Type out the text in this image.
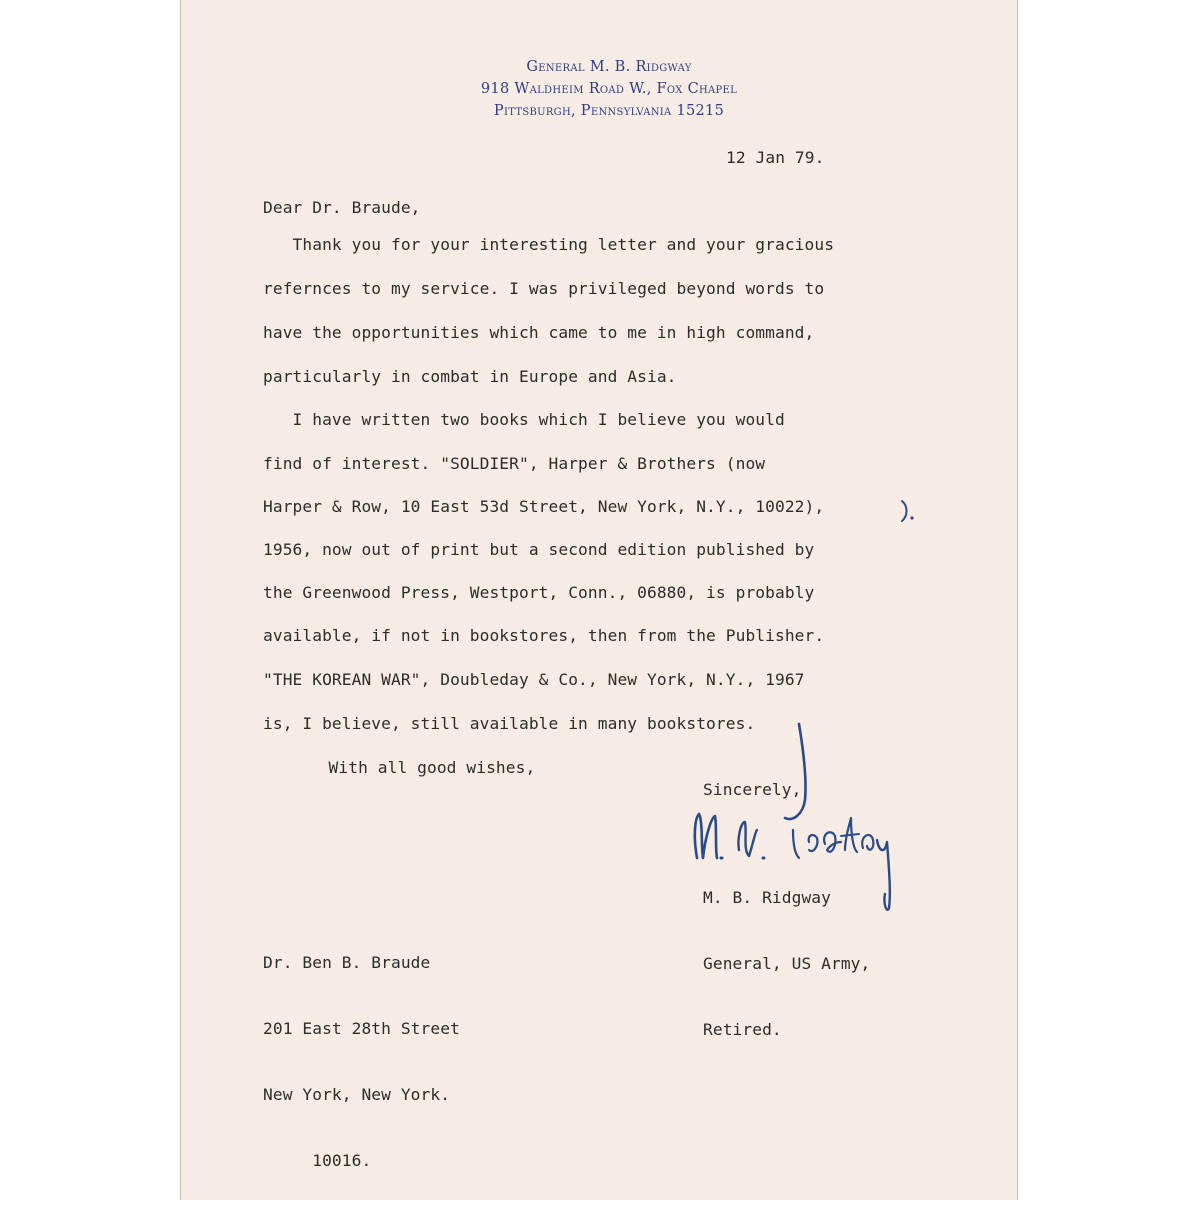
General M. B. Ridgway
918 Waldheim Road W., Fox Chapel
Pittsburgh, Pennsylvania 15215
12 Jan 79.
Dear Dr. Braude,
Thank you for your interesting letter and your gracious
refernces to my service. I was privileged beyond words to
have the opportunities which came to me in high command,
particularly in combat in Europe and Asia.
I have written two books which I believe you would
find of interest. "SOLDIER", Harper & Brothers (now
Harper & Row, 10 East 53d Street, New York, N.Y., 10022),
1956, now out of print but a second edition published by
the Greenwood Press, Westport, Conn., 06880, is probably
available, if not in bookstores, then from the Publisher.
"THE KOREAN WAR", Doubleday & Co., New York, N.Y., 1967
is, I believe, still available in many bookstores.
With all good wishes,
Sincerely,

M. B. Ridgway

General, US Army,

Retired.

Dr. Ben B. Braude

201 East 28th Street

New York, New York.

10016.
